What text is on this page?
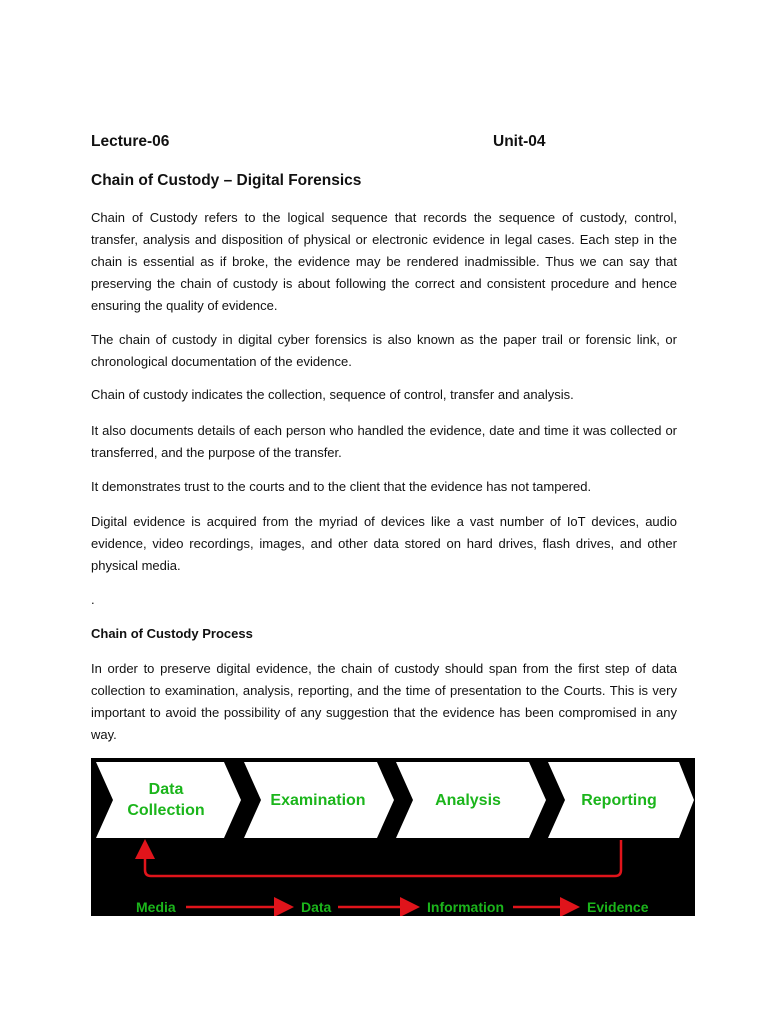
Lecture-06	Unit-04
Chain of Custody – Digital Forensics

Chain of Custody refers to the logical sequence that records the sequence of custody, control, transfer, analysis and disposition of physical or electronic evidence in legal cases. Each step in the chain is essential as if broke, the evidence may be rendered inadmissible. Thus we can say that preserving the chain of custody is about following the correct and consistent procedure and hence ensuring the quality of evidence.

The chain of custody in digital cyber forensics is also known as the paper trail or forensic link, or chronological documentation of the evidence.

Chain of custody indicates the collection, sequence of control, transfer and analysis.

It also documents details of each person who handled the evidence, date and time it was collected or transferred, and the purpose of the transfer.

It demonstrates trust to the courts and to the client that the evidence has not tampered.

Digital evidence is acquired from the myriad of devices like a vast number of IoT devices, audio evidence, video recordings, images, and other data stored on hard drives, flash drives, and other physical media.

.

Chain of Custody Process

In order to preserve digital evidence, the chain of custody should span from the first step of data collection to examination, analysis, reporting, and the time of presentation to the Courts. This is very important to avoid the possibility of any suggestion that the evidence has been compromised in any way.

Data
Collection
Examination	Analysis	Reporting
Media	Data	Information	Evidence
